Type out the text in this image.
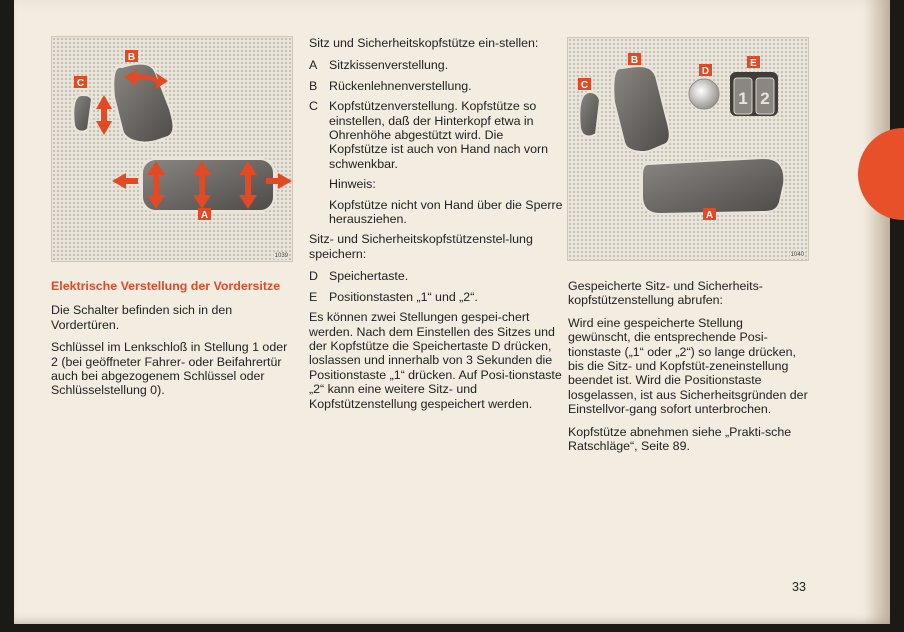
B
C
A
1039
1 2
B
C
D
E
A
1040

Elektrische Verstellung der Vordersitze

Die Schalter befinden sich in den Vordertüren.

Schlüssel im Lenkschloß in Stellung 1 oder 2 (bei geöffneter Fahrer- oder Beifahrertür auch bei abgezogenem Schlüssel oder Schlüsselstellung 0).

Sitz und Sicherheitskopfstütze ein-stellen:

A Sitzkissenverstellung.
B Rückenlehnenverstellung.
C Kopfstützenverstellung. Kopfstütze so einstellen, daß der Hinterkopf etwa in Ohrenhöhe abgestützt wird. Die Kopfstütze ist auch von Hand nach vorn schwenkbar.

Hinweis:

Kopfstütze nicht von Hand über die Sperre herausziehen.

Sitz- und Sicherheitskopfstützenstel-lung speichern:

D Speichertaste.
E Positionstasten „1“ und „2“.

Es können zwei Stellungen gespei-chert werden. Nach dem Einstellen des Sitzes und der Kopfstütze die Speichertaste D drücken, loslassen und innerhalb von 3 Sekunden die Positionstaste „1“ drücken. Auf Posi-tionstaste „2“ kann eine weitere Sitz- und Kopfstützenstellung gespeichert werden.

Gespeicherte Sitz- und Sicherheits-kopfstützenstellung abrufen:

Wird eine gespeicherte Stellung gewünscht, die entsprechende Posi-tionstaste („1“ oder „2“) so lange drücken, bis die Sitz- und Kopfstüt-zeneinstellung beendet ist. Wird die Positionstaste losgelassen, ist aus Sicherheitsgründen der Einstellvor-gang sofort unterbrochen.

Kopfstütze abnehmen siehe „Prakti-sche Ratschläge“, Seite 89.

33
